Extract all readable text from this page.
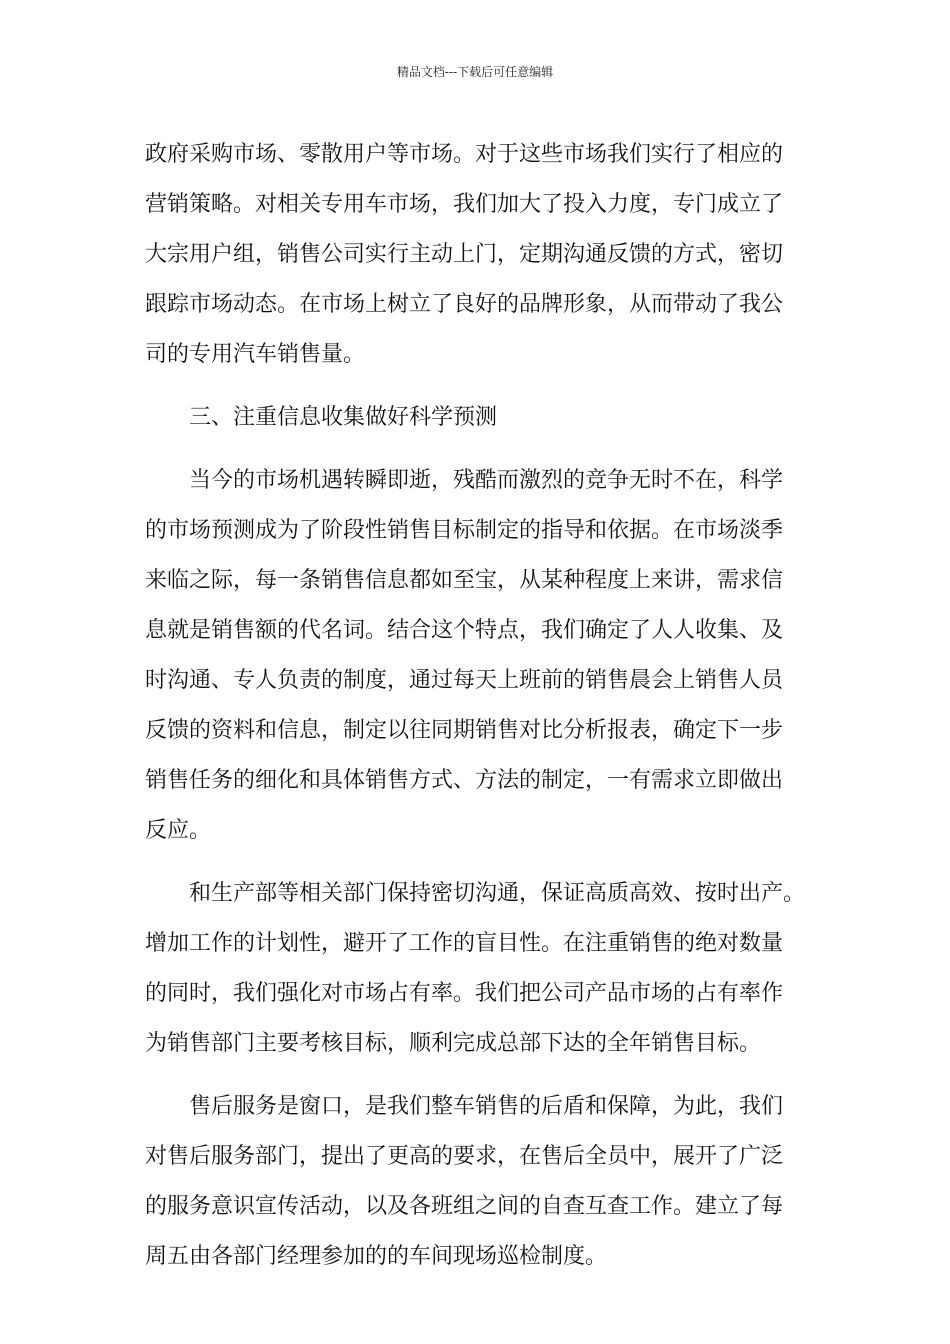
精品文档---下载后可任意编辑
政府采购市场、零散用户等市场。对于这些市场我们实行了相应的
营销策略。对相关专用车市场，我们加大了投入力度，专门成立了
大宗用户组，销售公司实行主动上门，定期沟通反馈的方式，密切
跟踪市场动态。在市场上树立了良好的品牌形象，从而带动了我公
司的专用汽车销售量。
三、注重信息收集做好科学预测
当今的市场机遇转瞬即逝，残酷而激烈的竞争无时不在，科学
的市场预测成为了阶段性销售目标制定的指导和依据。在市场淡季
来临之际，每一条销售信息都如至宝，从某种程度上来讲，需求信
息就是销售额的代名词。结合这个特点，我们确定了人人收集、及
时沟通、专人负责的制度，通过每天上班前的销售晨会上销售人员
反馈的资料和信息，制定以往同期销售对比分析报表，确定下一步
销售任务的细化和具体销售方式、方法的制定，一有需求立即做出
反应。
和生产部等相关部门保持密切沟通，保证高质高效、按时出产。
增加工作的计划性，避开了工作的盲目性。在注重销售的绝对数量
的同时，我们强化对市场占有率。我们把公司产品市场的占有率作
为销售部门主要考核目标，顺利完成总部下达的全年销售目标。
售后服务是窗口，是我们整车销售的后盾和保障，为此，我们
对售后服务部门，提出了更高的要求，在售后全员中，展开了广泛
的服务意识宣传活动，以及各班组之间的自查互查工作。建立了每
周五由各部门经理参加的的车间现场巡检制度。
